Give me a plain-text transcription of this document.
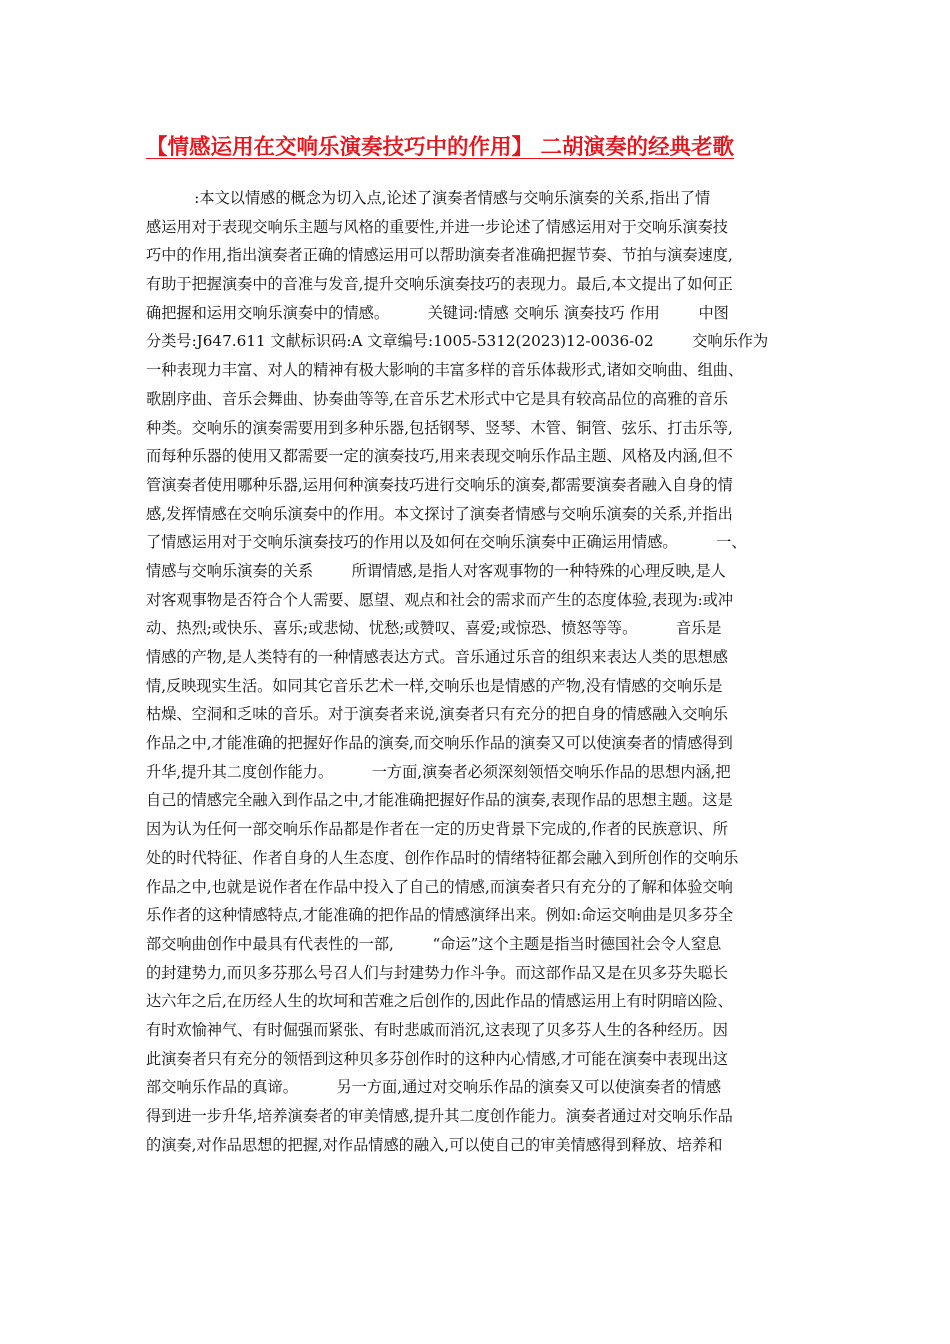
【情感运用在交响乐演奏技巧中的作用】 二胡演奏的经典老歌
:本文以情感的概念为切入点,论述了演奏者情感与交响乐演奏的关系,指出了情
感运用对于表现交响乐主题与风格的重要性,并进一步论述了情感运用对于交响乐演奏技
巧中的作用,指出演奏者正确的情感运用可以帮助演奏者准确把握节奏、节拍与演奏速度,
有助于把握演奏中的音准与发音,提升交响乐演奏技巧的表现力。最后,本文提出了如何正
确把握和运用交响乐演奏中的情感。        关键词:情感 交响乐 演奏技巧 作用        中图
分类号:J647.611 文献标识码:A 文章编号:1005-5312(2023)12-0036-02        交响乐作为
一种表现力丰富、对人的精神有极大影响的丰富多样的音乐体裁形式,诸如交响曲、组曲、
歌剧序曲、音乐会舞曲、协奏曲等等,在音乐艺术形式中它是具有较高品位的高雅的音乐
种类。交响乐的演奏需要用到多种乐器,包括钢琴、竖琴、木管、铜管、弦乐、打击乐等,
而每种乐器的使用又都需要一定的演奏技巧,用来表现交响乐作品主题、风格及内涵,但不
管演奏者使用哪种乐器,运用何种演奏技巧进行交响乐的演奏,都需要演奏者融入自身的情
感,发挥情感在交响乐演奏中的作用。本文探讨了演奏者情感与交响乐演奏的关系,并指出
了情感运用对于交响乐演奏技巧的作用以及如何在交响乐演奏中正确运用情感。        一、
情感与交响乐演奏的关系        所谓情感,是指人对客观事物的一种特殊的心理反映,是人
对客观事物是否符合个人需要、愿望、观点和社会的需求而产生的态度体验,表现为:或冲
动、热烈;或快乐、喜乐;或悲恸、忧愁;或赞叹、喜爱;或惊恐、愤怒等等。        音乐是
情感的产物,是人类特有的一种情感表达方式。音乐通过乐音的组织来表达人类的思想感
情,反映现实生活。如同其它音乐艺术一样,交响乐也是情感的产物,没有情感的交响乐是
枯燥、空洞和乏味的音乐。对于演奏者来说,演奏者只有充分的把自身的情感融入交响乐
作品之中,才能准确的把握好作品的演奏,而交响乐作品的演奏又可以使演奏者的情感得到
升华,提升其二度创作能力。        一方面,演奏者必须深刻领悟交响乐作品的思想内涵,把
自己的情感完全融入到作品之中,才能准确把握好作品的演奏,表现作品的思想主题。这是
因为认为任何一部交响乐作品都是作者在一定的历史背景下完成的,作者的民族意识、所
处的时代特征、作者自身的人生态度、创作作品时的情绪特征都会融入到所创作的交响乐
作品之中,也就是说作者在作品中投入了自己的情感,而演奏者只有充分的了解和体验交响
乐作者的这种情感特点,才能准确的把作品的情感演绎出来。例如:命运交响曲是贝多芬全
部交响曲创作中最具有代表性的一部,        “命运”这个主题是指当时德国社会令人窒息
的封建势力,而贝多芬那么号召人们与封建势力作斗争。而这部作品又是在贝多芬失聪长
达六年之后,在历经人生的坎坷和苦难之后创作的,因此作品的情感运用上有时阴暗凶险、
有时欢愉神气、有时倔强而紧张、有时悲戚而消沉,这表现了贝多芬人生的各种经历。因
此演奏者只有充分的领悟到这种贝多芬创作时的这种内心情感,才可能在演奏中表现出这
部交响乐作品的真谛。        另一方面,通过对交响乐作品的演奏又可以使演奏者的情感
得到进一步升华,培养演奏者的审美情感,提升其二度创作能力。演奏者通过对交响乐作品
的演奏,对作品思想的把握,对作品情感的融入,可以使自己的审美情感得到释放、培养和
